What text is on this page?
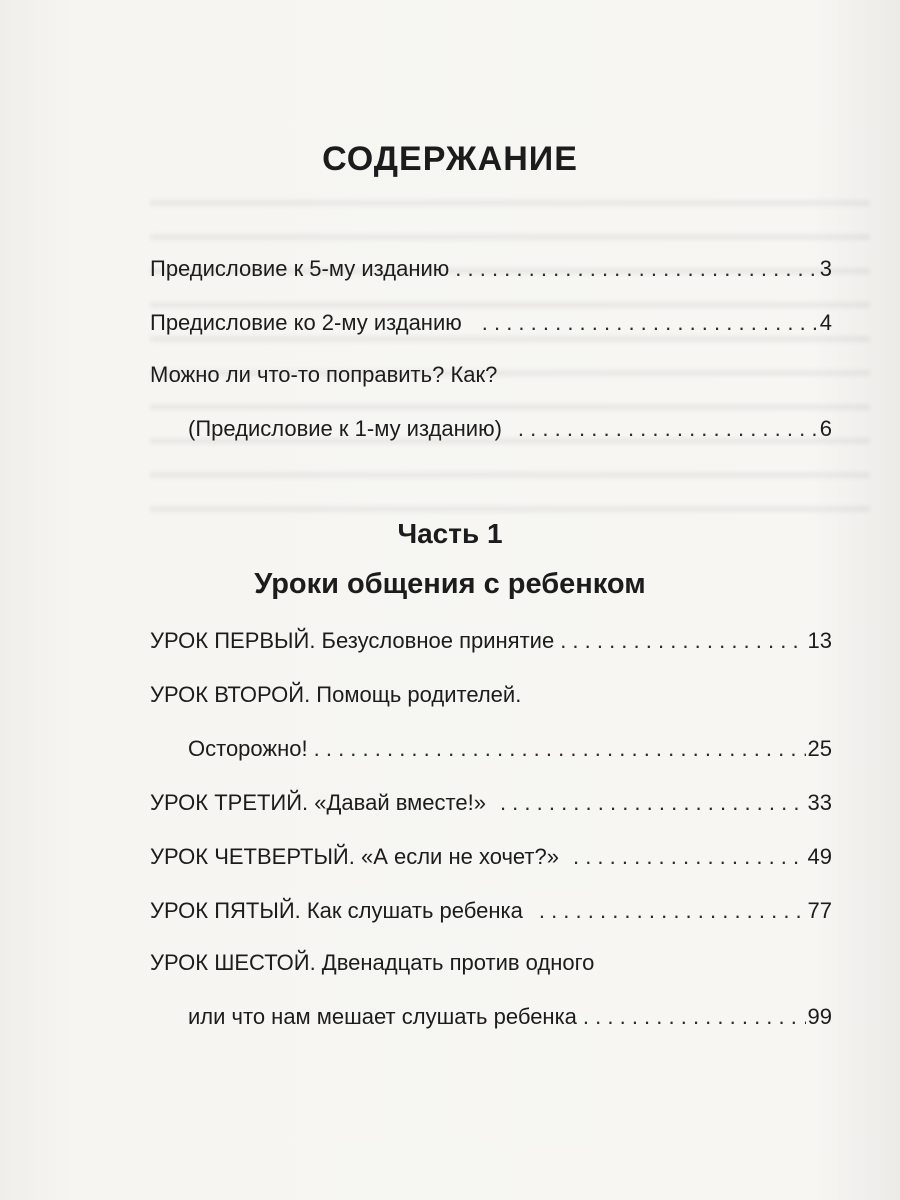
СОДЕРЖАНИЕ
Предисловие к 5-му изданию . . .	3
Предисловие ко 2-му изданию . . .	4
Можно ли что-то поправить? Как?
(Предисловие к 1-му изданию) . . .	6
Часть 1
Уроки общения с ребенком
УРОК ПЕРВЫЙ. Безусловное принятие . . .	13
УРОК ВТОРОЙ. Помощь родителей.
Осторожно! . . .	25
УРОК ТРЕТИЙ. «Давай вместе!» . . .	33
УРОК ЧЕТВЕРТЫЙ. «А если не хочет?» . . .	49
УРОК ПЯТЫЙ. Как слушать ребенка . . .	77
УРОК ШЕСТОЙ. Двенадцать против одного
или что нам мешает слушать ребенка . . .	99
